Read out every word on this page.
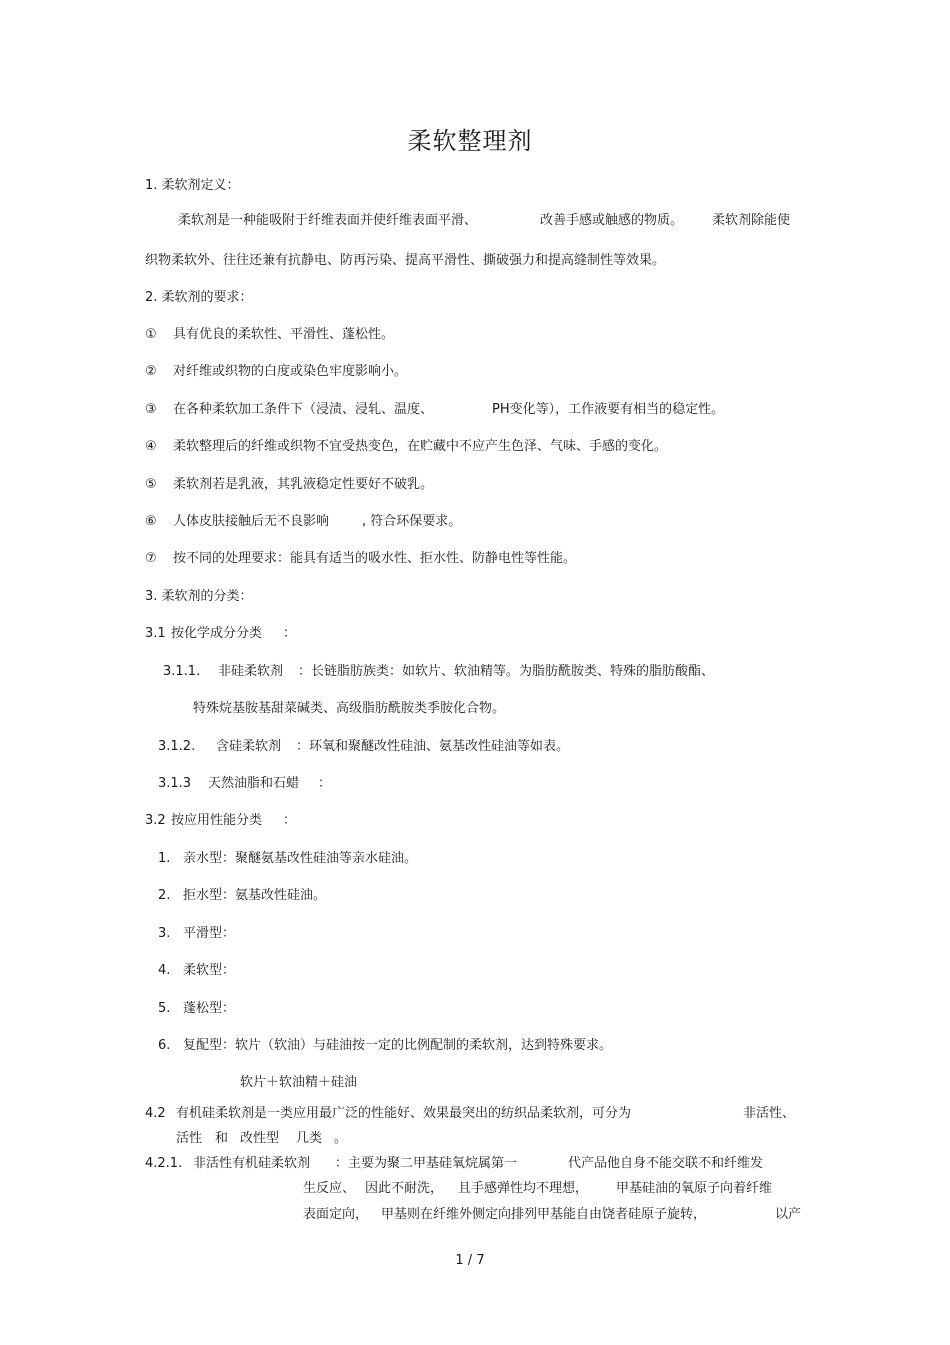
柔软整理剂
1. 柔软剂定义：
柔软剂是一种能吸附于纤维表面并使纤维表面平滑、	改善手感或触感的物质。 柔软剂除能使
织物柔软外、往往还兼有抗静电、防再污染、提高平滑性、撕破强力和提高缝制性等效果。
2. 柔软剂的要求：
① 具有优良的柔软性、平滑性、蓬松性。
② 对纤维或织物的白度或染色牢度影响小。
③ 在各种柔软加工条件下（浸渍、浸轧、温度、	PH变化等），工作液要有相当的稳定性。
④ 柔软整理后的纤维或织物不宜受热变色，在贮藏中不应产生色泽、气味、手感的变化。
⑤ 柔软剂若是乳液，其乳液稳定性要好不破乳。
⑥ 人体皮肤接触后无不良影响	, 符合环保要求。
⑦ 按不同的处理要求：能具有适当的吸水性、拒水性、防静电性等性能。
3. 柔软剂的分类：
3.1 按化学成分分类 ：
3.1.1. 非硅柔软剂 ：长链脂肪族类：如软片、软油精等。为脂肪酰胺类、特殊的脂肪酸酯、
特殊烷基胺基甜菜碱类、高级脂肪酰胺类季胺化合物。
3.1.2. 含硅柔软剂 ：环氧和聚醚改性硅油、氨基改性硅油等如表。
3.1.3 天然油脂和石蜡 ：
3.2 按应用性能分类 ：
1. 亲水型：聚醚氨基改性硅油等亲水硅油。
2. 拒水型：氨基改性硅油。
3. 平滑型：
4. 柔软型：
5. 蓬松型：
6. 复配型：软片（软油）与硅油按一定的比例配制的柔软剂，达到特殊要求。
软片＋软油精＋硅油
4.2 有机硅柔软剂是一类应用最广泛的性能好、效果最突出的纺织品柔软剂，可分为	非活性、
活性 和 改性型 几类 。
4.2.1. 非活性有机硅柔软剂 ：主要为聚二甲基硅氧烷属第一	代产品他自身不能交联不和纤维发
生反应、 因此不耐洗， 且手感弹性均不理想， 甲基硅油的氧原子向着纤维
表面定向， 甲基则在纤维外侧定向排列甲基能自由饶者硅原子旋转，	以产
1 / 7
